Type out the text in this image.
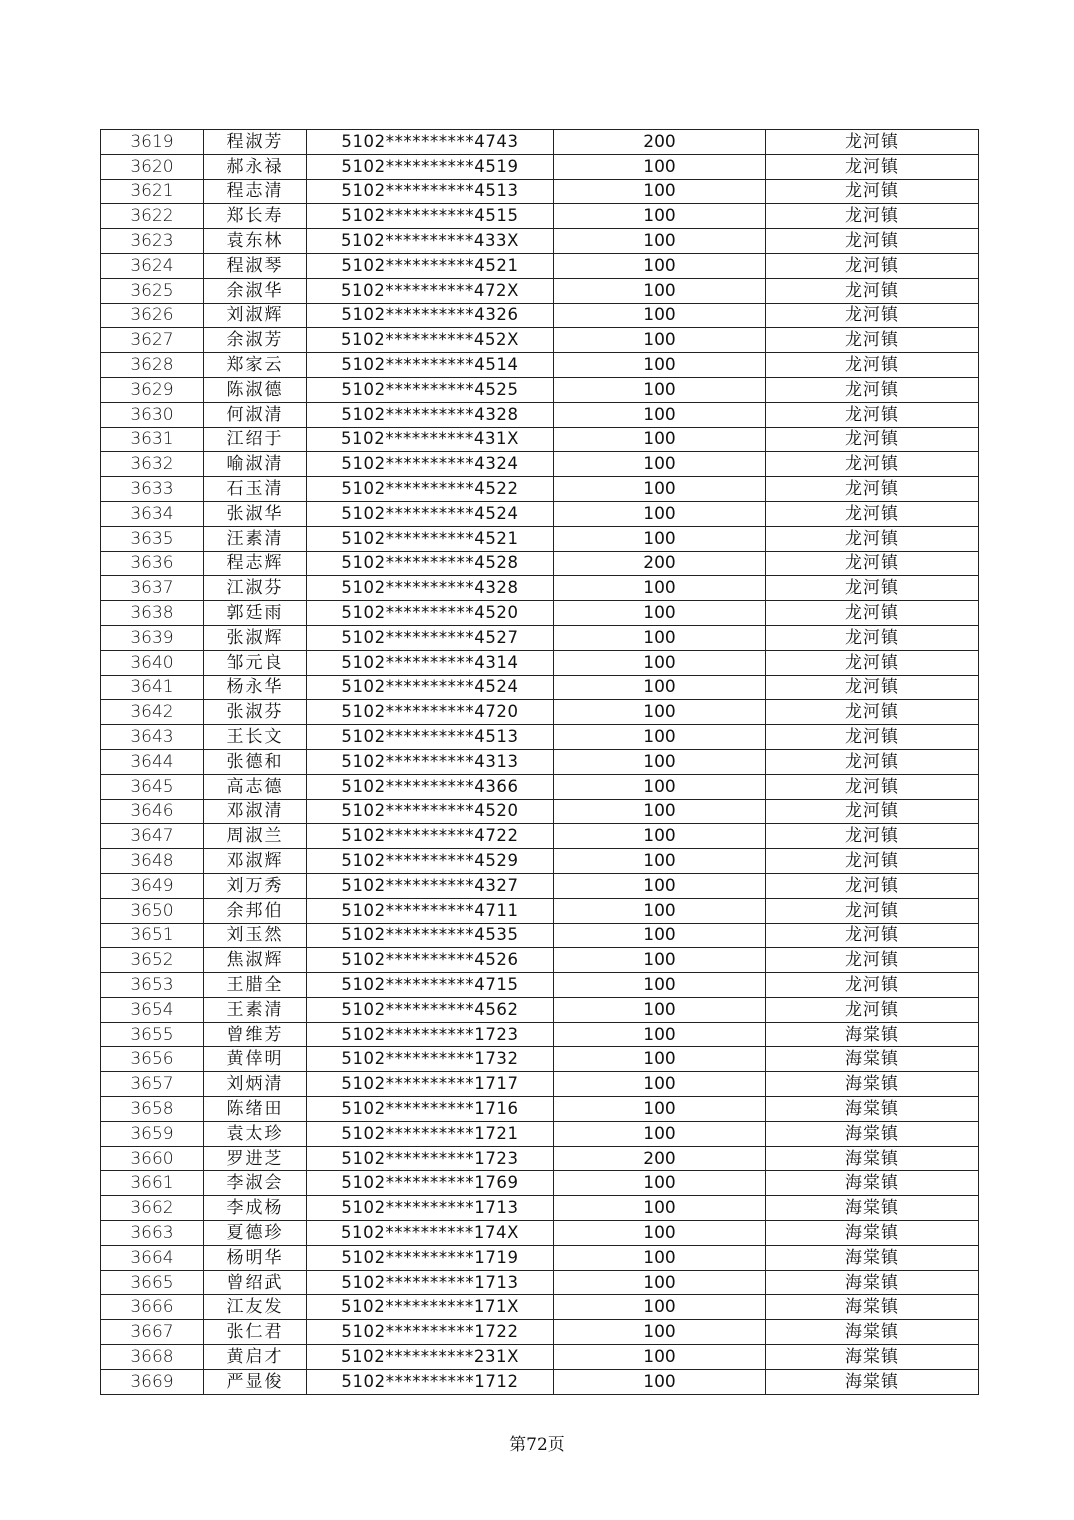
3619	程淑芳	5102**********4743	200	龙河镇
3620	郝永禄	5102**********4519	100	龙河镇
3621	程志清	5102**********4513	100	龙河镇
3622	郑长寿	5102**********4515	100	龙河镇
3623	袁东林	5102**********433X	100	龙河镇
3624	程淑琴	5102**********4521	100	龙河镇
3625	余淑华	5102**********472X	100	龙河镇
3626	刘淑辉	5102**********4326	100	龙河镇
3627	余淑芳	5102**********452X	100	龙河镇
3628	郑家云	5102**********4514	100	龙河镇
3629	陈淑德	5102**********4525	100	龙河镇
3630	何淑清	5102**********4328	100	龙河镇
3631	江绍于	5102**********431X	100	龙河镇
3632	喻淑清	5102**********4324	100	龙河镇
3633	石玉清	5102**********4522	100	龙河镇
3634	张淑华	5102**********4524	100	龙河镇
3635	汪素清	5102**********4521	100	龙河镇
3636	程志辉	5102**********4528	200	龙河镇
3637	江淑芬	5102**********4328	100	龙河镇
3638	郭廷雨	5102**********4520	100	龙河镇
3639	张淑辉	5102**********4527	100	龙河镇
3640	邹元良	5102**********4314	100	龙河镇
3641	杨永华	5102**********4524	100	龙河镇
3642	张淑芬	5102**********4720	100	龙河镇
3643	王长文	5102**********4513	100	龙河镇
3644	张德和	5102**********4313	100	龙河镇
3645	高志德	5102**********4366	100	龙河镇
3646	邓淑清	5102**********4520	100	龙河镇
3647	周淑兰	5102**********4722	100	龙河镇
3648	邓淑辉	5102**********4529	100	龙河镇
3649	刘万秀	5102**********4327	100	龙河镇
3650	余邦伯	5102**********4711	100	龙河镇
3651	刘玉然	5102**********4535	100	龙河镇
3652	焦淑辉	5102**********4526	100	龙河镇
3653	王腊全	5102**********4715	100	龙河镇
3654	王素清	5102**********4562	100	龙河镇
3655	曾维芳	5102**********1723	100	海棠镇
3656	黄倖明	5102**********1732	100	海棠镇
3657	刘炳清	5102**********1717	100	海棠镇
3658	陈绪田	5102**********1716	100	海棠镇
3659	袁太珍	5102**********1721	100	海棠镇
3660	罗进芝	5102**********1723	200	海棠镇
3661	李淑会	5102**********1769	100	海棠镇
3662	李成杨	5102**********1713	100	海棠镇
3663	夏德珍	5102**********174X	100	海棠镇
3664	杨明华	5102**********1719	100	海棠镇
3665	曾绍武	5102**********1713	100	海棠镇
3666	江友发	5102**********171X	100	海棠镇
3667	张仁君	5102**********1722	100	海棠镇
3668	黄启才	5102**********231X	100	海棠镇
3669	严显俊	5102**********1712	100	海棠镇
第72页
